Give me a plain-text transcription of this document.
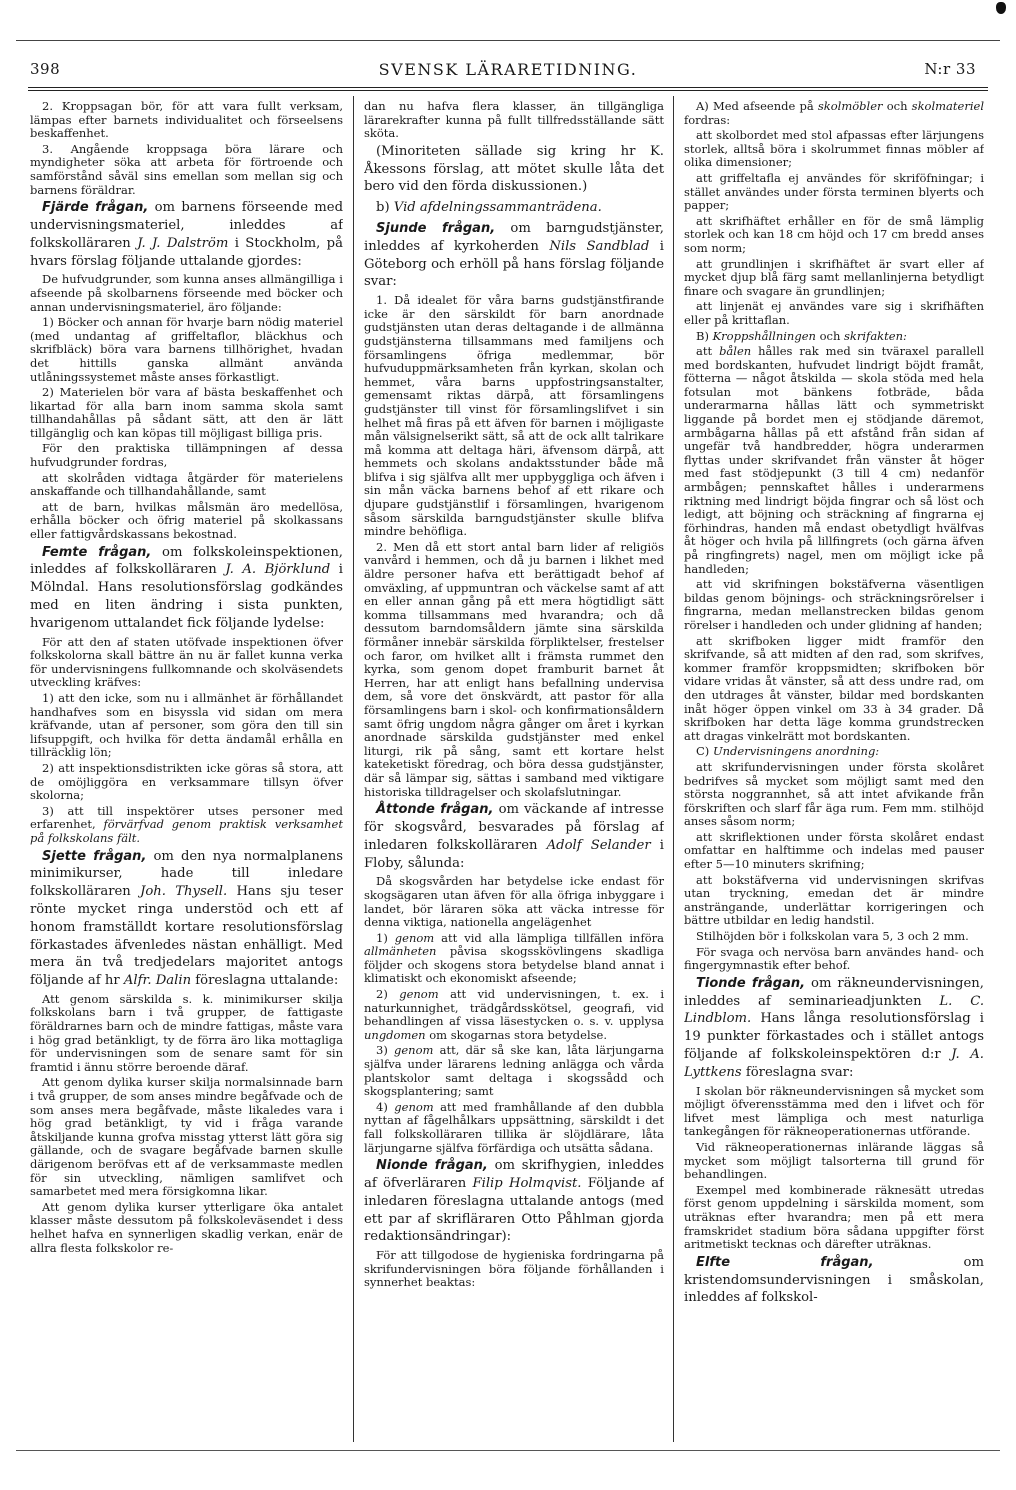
398	SVENSK LÄRARETIDNING.	N:r 33

2. Kroppsagan bör, för att vara fullt verksam, lämpas efter barnets individualitet och förseelsens beskaffenhet.

3. Angående kroppsaga böra lärare och myndigheter söka att arbeta för förtroende och samförstånd såväl sins emellan som mellan sig och barnens föräldrar.

Fjärde frågan, om barnens förseende med undervisningsmateriel, inleddes af folkskolläraren J. J. Dalström i Stockholm, på hvars förslag följande uttalande gjordes:

De hufvudgrunder, som kunna anses allmängilliga i afseende på skolbarnens förseende med böcker och annan undervisningsmateriel, äro följande:

1) Böcker och annan för hvarje barn nödig materiel (med undantag af griffeltaflor, bläckhus och skrifbläck) böra vara barnens tillhörighet, hvadan det hittills ganska allmänt använda utlåningssystemet måste anses förkastligt.

2) Materielen bör vara af bästa beskaffenhet och likartad för alla barn inom samma skola samt tillhandahållas på sådant sätt, att den är lätt tillgänglig och kan köpas till möjligast billiga pris.

För den praktiska tillämpningen af dessa hufvudgrunder fordras,

att skolråden vidtaga åtgärder för materielens anskaffande och tillhandahållande, samt

att de barn, hvilkas målsmän äro medellösa, erhålla böcker och öfrig materiel på skolkassans eller fattigvårdskassans bekostnad.

Femte frågan, om folkskoleinspektionen, inleddes af folkskolläraren J. A. Björklund i Mölndal. Hans resolutionsförslag godkändes med en liten ändring i sista punkten, hvarigenom uttalandet fick följande lydelse:

För att den af staten utöfvade inspektionen öfver folkskolorna skall bättre än nu är fallet kunna verka för undervisningens fullkomnande och skolväsendets utveckling kräfves:

1) att den icke, som nu i allmänhet är förhållandet handhafves som en bisyssla vid sidan om mera kräfvande, utan af personer, som göra den till sin lifsuppgift, och hvilka för detta ändamål erhålla en tillräcklig lön;

2) att inspektionsdistrikten icke göras så stora, att de omöjliggöra en verksammare tillsyn öfver skolorna;

3) att till inspektörer utses personer med erfarenhet, förvärfvad genom praktisk verksamhet på folkskolans fält.

Sjette frågan, om den nya normalplanens minimikurser, hade till inledare folkskolläraren Joh. Thysell. Hans sju teser rönte mycket ringa understöd och ett af honom framställdt kortare resolutionsförslag förkastades äfvenledes nästan enhälligt. Med mera än två tredjedelars majoritet antogs följande af hr Alfr. Dalin föreslagna uttalande:

Att genom särskilda s. k. minimikurser skilja folkskolans barn i två grupper, de fattigaste föräldrarnes barn och de mindre fattigas, måste vara i hög grad betänkligt, ty de förra äro lika mottagliga för undervisningen som de senare samt för sin framtid i ännu större beroende däraf.

Att genom dylika kurser skilja normalsinnade barn i två grupper, de som anses mindre begåfvade och de som anses mera begåfvade, måste likaledes vara i hög grad betänkligt, ty vid i fråga varande åtskiljande kunna grofva misstag ytterst lätt göra sig gällande, och de svagare begåfvade barnen skulle därigenom beröfvas ett af de verksammaste medlen för sin utveckling, nämligen samlifvet och samarbetet med mera försigkomna likar.

Att genom dylika kurser ytterligare öka antalet klasser måste dessutom på folkskoleväsendet i dess helhet hafva en synnerligen skadlig verkan, enär de allra flesta folkskolor re-

dan nu hafva flera klasser, än tillgängliga lärarekrafter kunna på fullt tillfredsställande sätt sköta.

(Minoriteten sällade sig kring hr K. Åkessons förslag, att mötet skulle låta det bero vid den förda diskussionen.)

b) Vid afdelningssammanträdena.

Sjunde frågan, om barngudstjänster, inleddes af kyrkoherden Nils Sandblad i Göteborg och erhöll på hans förslag följande svar:

1. Då idealet för våra barns gudstjänstfirande icke är den särskildt för barn anordnade gudstjänsten utan deras deltagande i de allmänna gudstjänsterna tillsammans med familjens och församlingens öfriga medlemmar, bör hufvuduppmärksamheten från kyrkan, skolan och hemmet, våra barns uppfostringsanstalter, gemensamt riktas därpå, att församlingens gudstjänster till vinst för församlingslifvet i sin helhet må firas på ett äfven för barnen i möjligaste mån välsignelserikt sätt, så att de ock allt talrikare må komma att deltaga häri, äfvensom därpå, att hemmets och skolans andaktsstunder både må blifva i sig själfva allt mer uppbyggliga och äfven i sin mån väcka barnens behof af ett rikare och djupare gudstjänstlif i församlingen, hvarigenom såsom särskilda barngudstjänster skulle blifva mindre behöfliga.

2. Men då ett stort antal barn lider af religiös vanvård i hemmen, och då ju barnen i likhet med äldre personer hafva ett berättigadt behof af omväxling, af uppmuntran och väckelse samt af att en eller annan gång på ett mera högtidligt sätt komma tillsammans med hvarandra; och då dessutom barndomsåldern jämte sina särskilda förmåner innebär särskilda förpliktelser, frestelser och faror, om hvilket allt i främsta rummet den kyrka, som genom dopet framburit barnet åt Herren, har att enligt hans befallning undervisa dem, så vore det önskvärdt, att pastor för alla församlingens barn i skol- och konfirmationsåldern samt öfrig ungdom några gånger om året i kyrkan anordnade särskilda gudstjänster med enkel liturgi, rik på sång, samt ett kortare helst kateketiskt föredrag, och böra dessa gudstjänster, där så lämpar sig, sättas i samband med viktigare historiska tilldragelser och skolafslutningar.

Åttonde frågan, om väckande af intresse för skogsvård, besvarades på förslag af inledaren folkskolläraren Adolf Selander i Floby, sålunda:

Då skogsvården har betydelse icke endast för skogsägaren utan äfven för alla öfriga inbyggare i landet, bör läraren söka att väcka intresse för denna viktiga, nationella angelägenhet

1) genom att vid alla lämpliga tillfällen införa allmänheten påvisa skogsskövlingens skadliga följder och skogens stora betydelse bland annat i klimatiskt och ekonomiskt afseende;

2) genom att vid undervisningen, t. ex. i naturkunnighet, trädgårdsskötsel, geografi, vid behandlingen af vissa läsestycken o. s. v. upplysa ungdomen om skogarnas stora betydelse.

3) genom att, där så ske kan, låta lärjungarna själfva under lärarens ledning anlägga och vårda plantskolor samt deltaga i skogssådd och skogsplantering; samt

4) genom att med framhållande af den dubbla nyttan af fågelhålkars uppsättning, särskildt i det fall folkskolläraren tillika är slöjdlärare, låta lärjungarne själfva förfärdiga och utsätta sådana.

Nionde frågan, om skrifhygien, inleddes af öfverläraren Filip Holmqvist. Följande af inledaren föreslagna uttalande antogs (med ett par af skrifläraren Otto Påhlman gjorda redaktionsändringar):

För att tillgodose de hygieniska fordringarna på skrifundervisningen böra följande förhållanden i synnerhet beaktas:

A) Med afseende på skolmöbler och skolmateriel fordras:

att skolbordet med stol afpassas efter lärjungens storlek, alltså böra i skolrummet finnas möbler af olika dimensioner;

att griffeltafla ej användes för skriföfningar; i stället användes under första terminen blyerts och papper;

att skrifhäftet erhåller en för de små lämplig storlek och kan 18 cm höjd och 17 cm bredd anses som norm;

att grundlinjen i skrifhäftet är svart eller af mycket djup blå färg samt mellanlinjerna betydligt finare och svagare än grundlinjen;

att linjenät ej användes vare sig i skrifhäften eller på krittaflan.

B) Kroppshållningen och skrifakten:

att bålen hålles rak med sin tväraxel parallell med bordskanten, hufvudet lindrigt böjdt framåt, fötterna — något åtskilda — skola stöda med hela fotsulan mot bänkens fotbräde, båda underarmarna hållas lätt och symmetriskt liggande på bordet men ej stödjande däremot, armbågarna hållas på ett afstånd från sidan af ungefär två handbredder, högra underarmen flyttas under skrifvandet från vänster åt höger med fast stödjepunkt (3 till 4 cm) nedanför armbågen; pennskaftet hålles i underarmens riktning med lindrigt böjda fingrar och så löst och ledigt, att böjning och sträckning af fingrarna ej förhindras, handen må endast obetydligt hvälfvas åt höger och hvila på lillfingrets (och gärna äfven på ringfingrets) nagel, men om möjligt icke på handleden;

att vid skrifningen bokstäfverna väsentligen bildas genom böjnings- och sträckningsrörelser i fingrarna, medan mellanstrecken bildas genom rörelser i handleden och under glidning af handen;

att skrifboken ligger midt framför den skrifvande, så att midten af den rad, som skrifves, kommer framför kroppsmidten; skrifboken bör vidare vridas åt vänster, så att dess undre rad, om den utdrages åt vänster, bildar med bordskanten inåt höger öppen vinkel om 33 à 34 grader. Då skrifboken har detta läge komma grundstrecken att dragas vinkelrätt mot bordskanten.

C) Undervisningens anordning:

att skrifundervisningen under första skolåret bedrifves så mycket som möjligt samt med den största noggrannhet, så att intet afvikande från förskriften och slarf får äga rum. Fem mm. stilhöjd anses såsom norm;

att skriflektionen under första skolåret endast omfattar en halftimme och indelas med pauser efter 5—10 minuters skrifning;

att bokstäfverna vid undervisningen skrifvas utan tryckning, emedan det är mindre ansträngande, underlättar korrigeringen och bättre utbildar en ledig handstil.

Stilhöjden bör i folkskolan vara 5, 3 och 2 mm.

För svaga och nervösa barn användes hand- och fingergymnastik efter behof.

Tionde frågan, om räkneundervisningen, inleddes af seminarieadjunkten L. C. Lindblom. Hans långa resolutionsförslag i 19 punkter förkastades och i stället antogs följande af folkskoleinspektören d:r J. A. Lyttkens föreslagna svar:

I skolan bör räkneundervisningen så mycket som möjligt öfverensstämma med den i lifvet och för lifvet mest lämpliga och mest naturliga tankegången för räkneoperationernas utförande.

Vid räkneoperationernas inlärande läggas så mycket som möjligt talsorterna till grund för behandlingen.

Exempel med kombinerade räknesätt utredas först genom uppdelning i särskilda moment, som uträknas efter hvarandra; men på ett mera framskridet stadium böra sådana uppgifter först aritmetiskt tecknas och därefter uträknas.

Elfte frågan, om kristendomsundervisningen i småskolan, inleddes af folkskol-
